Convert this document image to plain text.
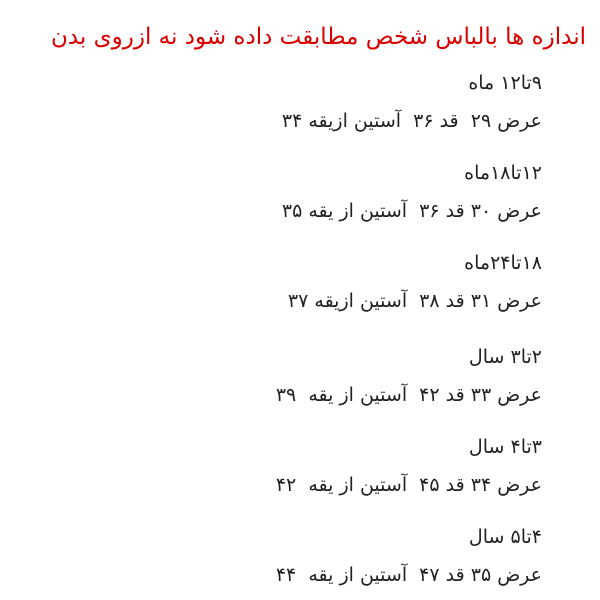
اندازه ها بالباس شخص مطابقت داده شود نه ازروی بدن
۹تا۱۲ ماه
عرض ۲۹  قد ۳۶  آستین ازیقه ۳۴
۱۲تا۱۸ماه
عرض ۳۰ قد ۳۶  آستین از یقه ۳۵
۱۸تا۲۴ماه
عرض ۳۱ قد ۳۸  آستین ازیقه ۳۷
۲تا۳ سال
عرض ۳۳ قد ۴۲  آستین از یقه  ۳۹
۳تا۴ سال
عرض ۳۴ قد ۴۵  آستین از یقه  ۴۲
۴تا۵ سال
عرض ۳۵ قد ۴۷  آستین از یقه  ۴۴
